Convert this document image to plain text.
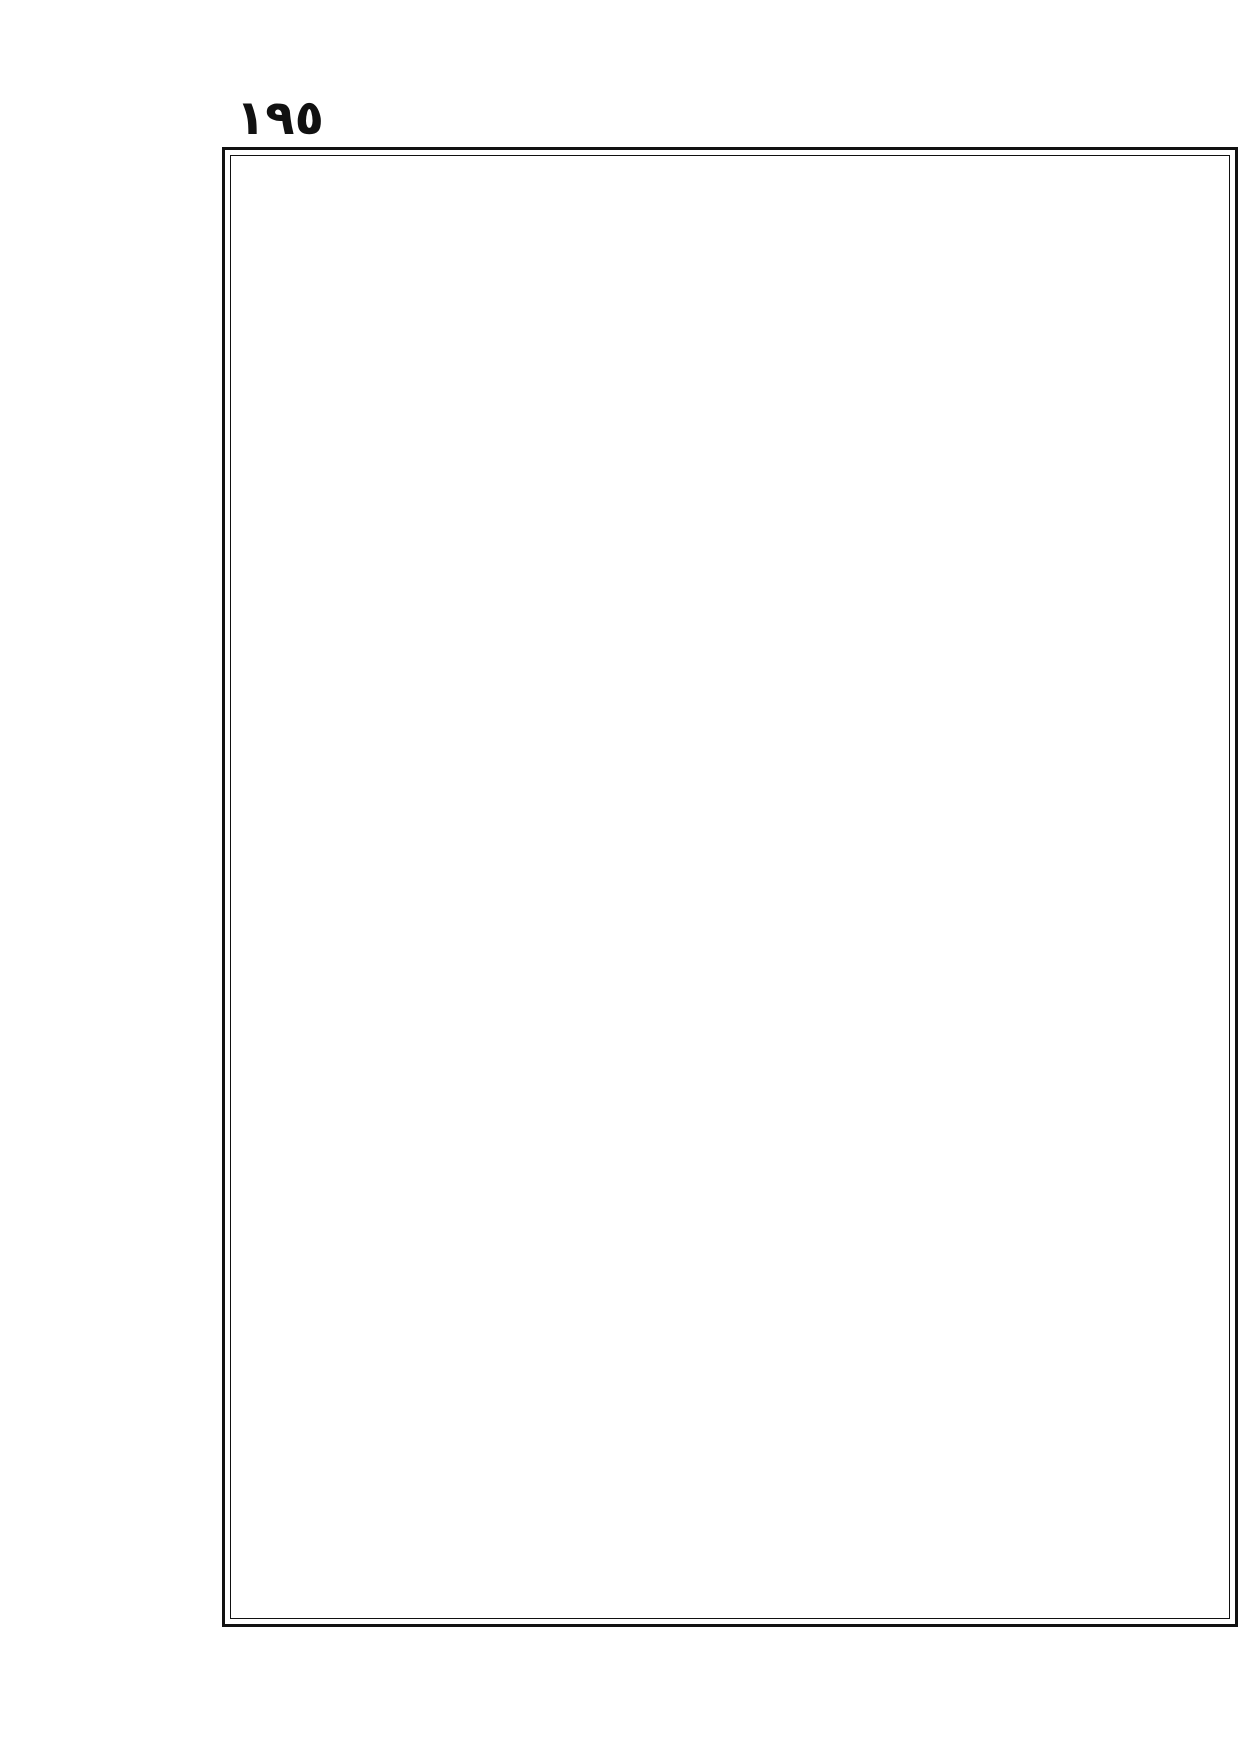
١٩٥
